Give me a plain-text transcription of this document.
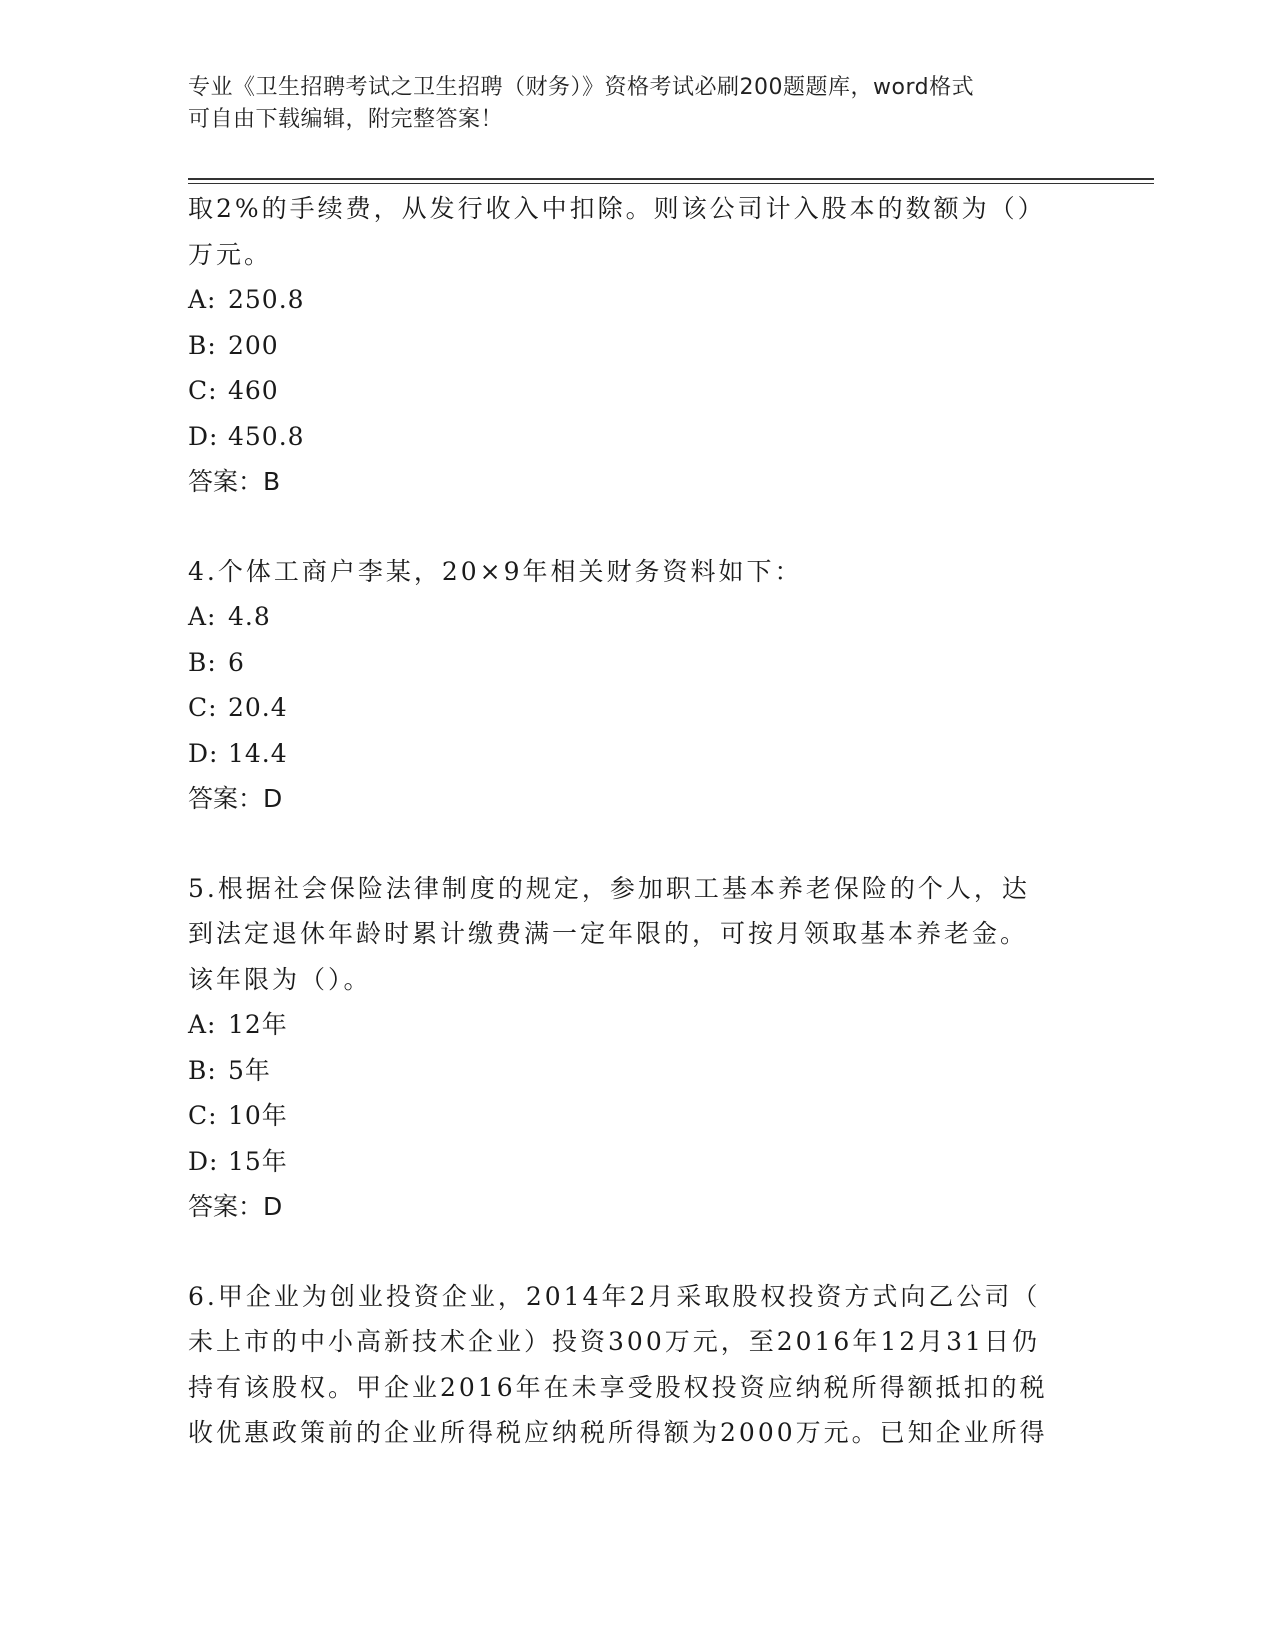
专业《卫生招聘考试之卫生招聘（财务）》资格考试必刷200题题库，word格式
可自由下载编辑，附完整答案！

取2%的手续费，从发行收入中扣除。则该公司计入股本的数额为（）

万元。

A: 250.8

B: 200

C: 460

D: 450.8

答案：B

4.个体工商户李某，20×9年相关财务资料如下：

A: 4.8

B: 6

C: 20.4

D: 14.4

答案：D

5.根据社会保险法律制度的规定，参加职工基本养老保险的个人，达

到法定退休年龄时累计缴费满一定年限的，可按月领取基本养老金。

该年限为（）。

A: 12年

B: 5年

C: 10年

D: 15年

答案：D

6.甲企业为创业投资企业，2014年2月采取股权投资方式向乙公司（

未上市的中小高新技术企业）投资300万元，至2016年12月31日仍

持有该股权。甲企业2016年在未享受股权投资应纳税所得额抵扣的税

收优惠政策前的企业所得税应纳税所得额为2000万元。已知企业所得
